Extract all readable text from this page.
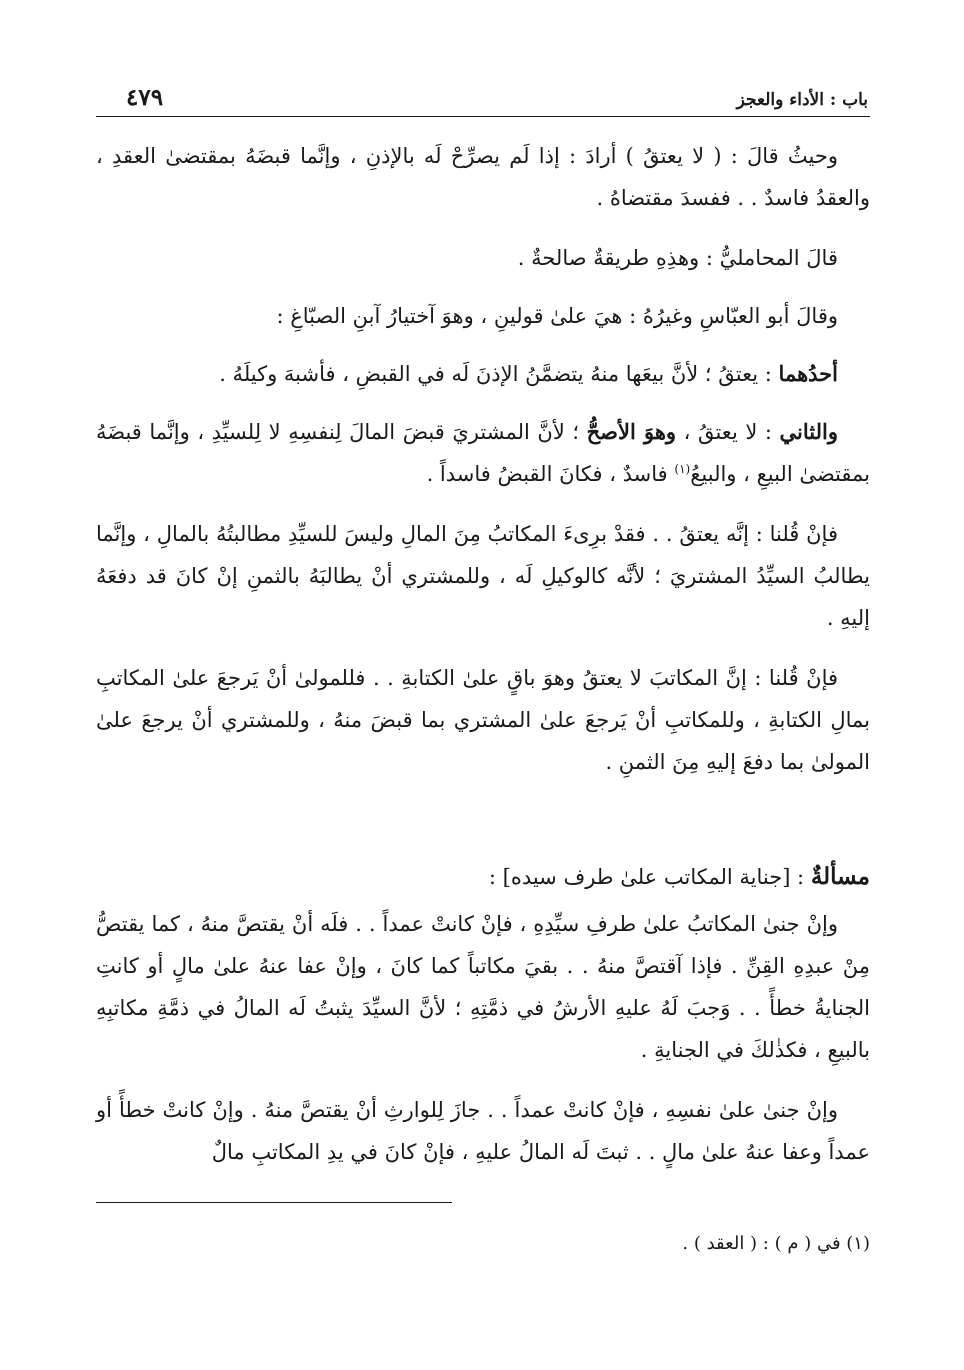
باب : الأداء والعجز
٤٧٩

وحيثُ قالَ : ( لا يعتقُ ) أرادَ : إذا لَم يصرِّحْ لَه بالإذنِ ، وإنَّما قبضَهُ بمقتضىٰ العقدِ ، والعقدُ فاسدٌ . . ففسدَ مقتضاهُ .

قالَ المحامليُّ : وهذِهِ طريقةٌ صالحةٌ .

وقالَ أبو العبّاسِ وغيرُهُ : هيَ علىٰ قولينِ ، وهوَ آختيارُ آبنِ الصبّاغِ :

أحدُهما : يعتقُ ؛ لأنَّ بيعَها منهُ يتضمَّنُ الإذنَ لَه في القبضِ ، فأشبهَ وكيلَهُ .

والثاني : لا يعتقُ ، وهوَ الأصحُّ ؛ لأنَّ المشتريَ قبضَ المالَ لِنفسِهِ لا لِلسيِّدِ ، وإنَّما قبضَهُ بمقتضىٰ البيعِ ، والبيعُ$^{(١)}$ فاسدٌ ، فكانَ القبضُ فاسداً .

فإنْ قُلنا : إنَّه يعتقُ . . فقدْ برِىءَ المكاتبُ مِنَ المالِ وليسَ للسيِّدِ مطالبتُهُ بالمالِ ، وإنَّما يطالبُ السيِّدُ المشتريَ ؛ لأنَّه كالوكيلِ لَه ، وللمشتري أنْ يطالبَهُ بالثمنِ إنْ كانَ قد دفعَهُ إليهِ .

فإنْ قُلنا : إنَّ المكاتبَ لا يعتقُ وهوَ باقٍ علىٰ الكتابةِ . . فللمولىٰ أنْ يَرجعَ علىٰ المكاتبِ بمالِ الكتابةِ ، وللمكاتبِ أنْ يَرجعَ علىٰ المشتري بما قبضَ منهُ ، وللمشتري أنْ يرجعَ علىٰ المولىٰ بما دفعَ إليهِ مِنَ الثمنِ .

مسألةٌ : [جناية المكاتب علىٰ طرف سيده] :

وإنْ جنىٰ المكاتبُ علىٰ طرفِ سيِّدِهِ ، فإنْ كانتْ عمداً . . فلَه أنْ يقتصَّ منهُ ، كما يقتصُّ مِنْ عبدِهِ القِنِّ . فإذا آقتصَّ منهُ . . بقيَ مكاتباً كما كانَ ، وإنْ عفا عنهُ علىٰ مالٍ أو كانتِ الجنايةُ خطأً . . وَجبَ لَهُ عليهِ الأرشُ في ذمَّتِهِ ؛ لأنَّ السيِّدَ يثبتُ لَه المالُ في ذمَّةِ مكاتبِهِ بالبيعِ ، فكذٰلكَ في الجنايةِ .

وإنْ جنىٰ علىٰ نفسِهِ ، فإنْ كانتْ عمداً . . جازَ لِلوارثِ أنْ يقتصَّ منهُ . وإنْ كانتْ خطأً أو عمداً وعفا عنهُ علىٰ مالٍ . . ثبتَ لَه المالُ عليهِ ، فإنْ كانَ في يدِ المكاتبِ مالٌ

(١) في ( م ) : ( العقد ) .
